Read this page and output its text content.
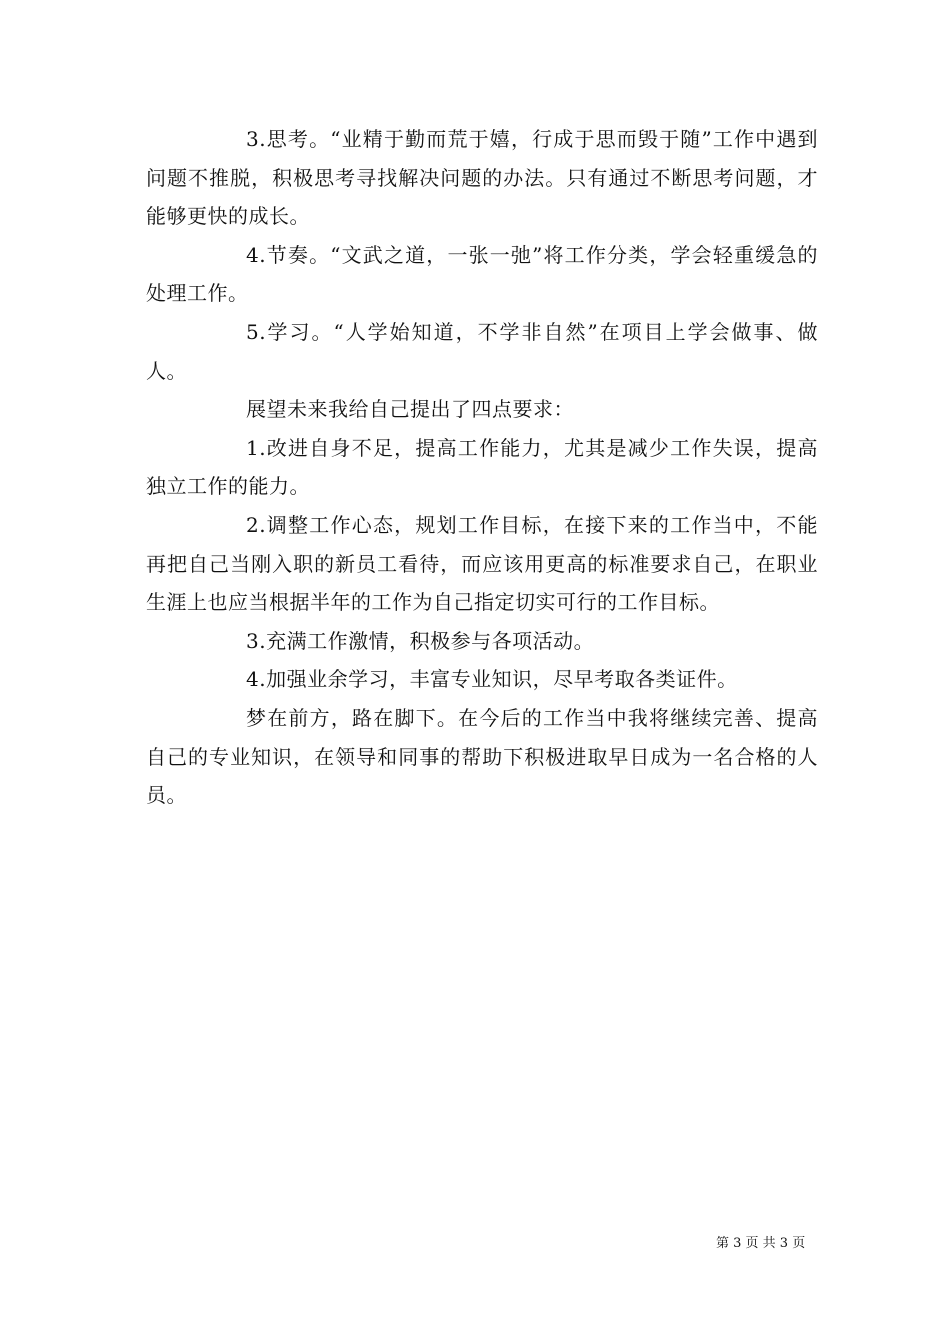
3.思考。“业精于勤而荒于嬉，行成于思而毁于随”工作中遇到问题不推脱，积极思考寻找解决问题的办法。只有通过不断思考问题，才能够更快的成长。

4.节奏。“文武之道，一张一弛”将工作分类，学会轻重缓急的处理工作。

5.学习。“人学始知道，不学非自然”在项目上学会做事、做人。

展望未来我给自己提出了四点要求：

1.改进自身不足，提高工作能力，尤其是减少工作失误，提高独立工作的能力。

2.调整工作心态，规划工作目标，在接下来的工作当中，不能再把自己当刚入职的新员工看待，而应该用更高的标准要求自己，在职业生涯上也应当根据半年的工作为自己指定切实可行的工作目标。

3.充满工作激情，积极参与各项活动。

4.加强业余学习，丰富专业知识，尽早考取各类证件。

梦在前方，路在脚下。在今后的工作当中我将继续完善、提高自己的专业知识，在领导和同事的帮助下积极进取早日成为一名合格的人员。

第 3 页 共 3 页
